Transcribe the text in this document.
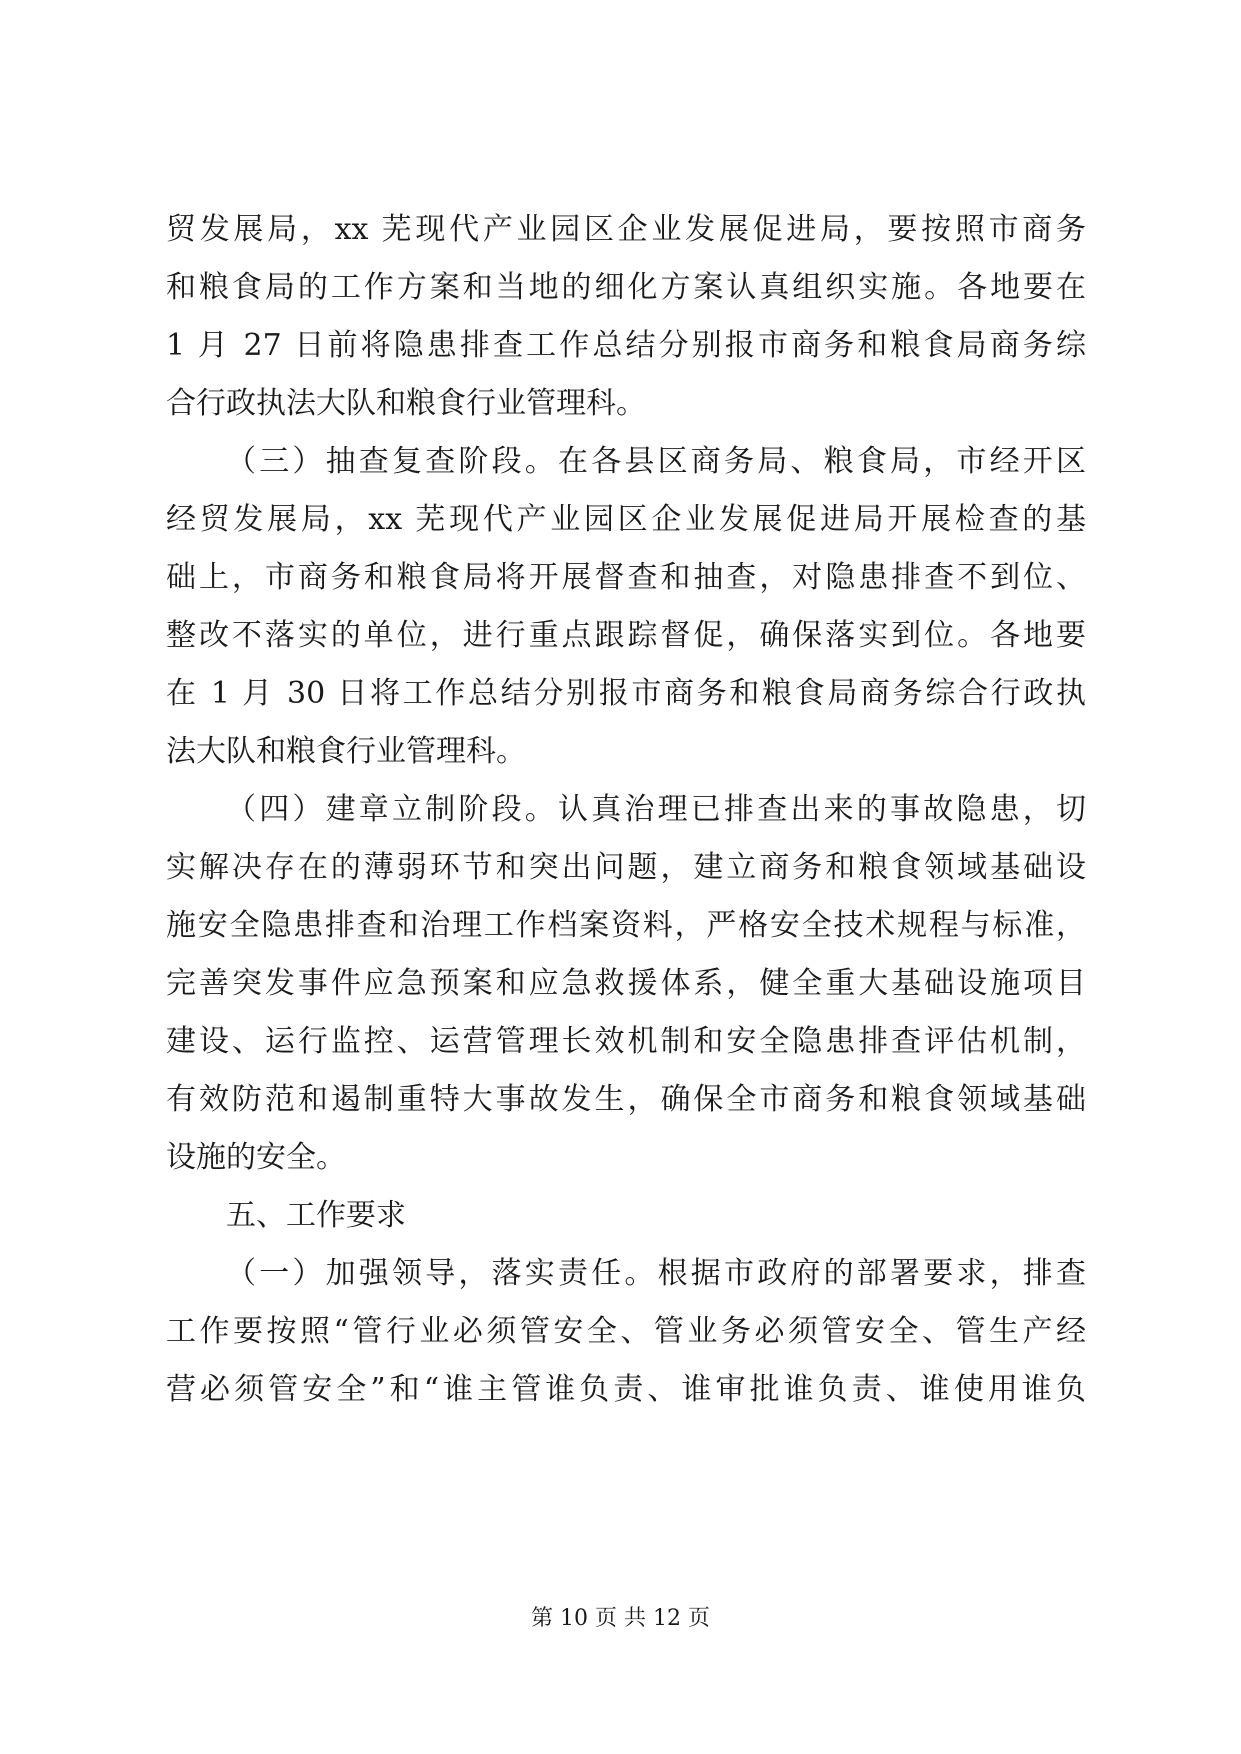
贸发展局，xx 芜现代产业园区企业发展促进局，要按照市商务
和粮食局的工作方案和当地的细化方案认真组织实施。各地要在
1 月 27 日前将隐患排查工作总结分别报市商务和粮食局商务综
合行政执法大队和粮食行业管理科。
（三）抽查复查阶段。在各县区商务局、粮食局，市经开区
经贸发展局，xx 芜现代产业园区企业发展促进局开展检查的基
础上，市商务和粮食局将开展督查和抽查，对隐患排查不到位、
整改不落实的单位，进行重点跟踪督促，确保落实到位。各地要
在 1 月 30 日将工作总结分别报市商务和粮食局商务综合行政执
法大队和粮食行业管理科。
（四）建章立制阶段。认真治理已排查出来的事故隐患，切
实解决存在的薄弱环节和突出问题，建立商务和粮食领域基础设
施安全隐患排查和治理工作档案资料，严格安全技术规程与标准，
完善突发事件应急预案和应急救援体系，健全重大基础设施项目
建设、运行监控、运营管理长效机制和安全隐患排查评估机制，
有效防范和遏制重特大事故发生，确保全市商务和粮食领域基础
设施的安全。
五、工作要求
（一）加强领导，落实责任。根据市政府的部署要求，排查
工作要按照“管行业必须管安全、管业务必须管安全、管生产经
营必须管安全”和“谁主管谁负责、谁审批谁负责、谁使用谁负
第 10 页 共 12 页
